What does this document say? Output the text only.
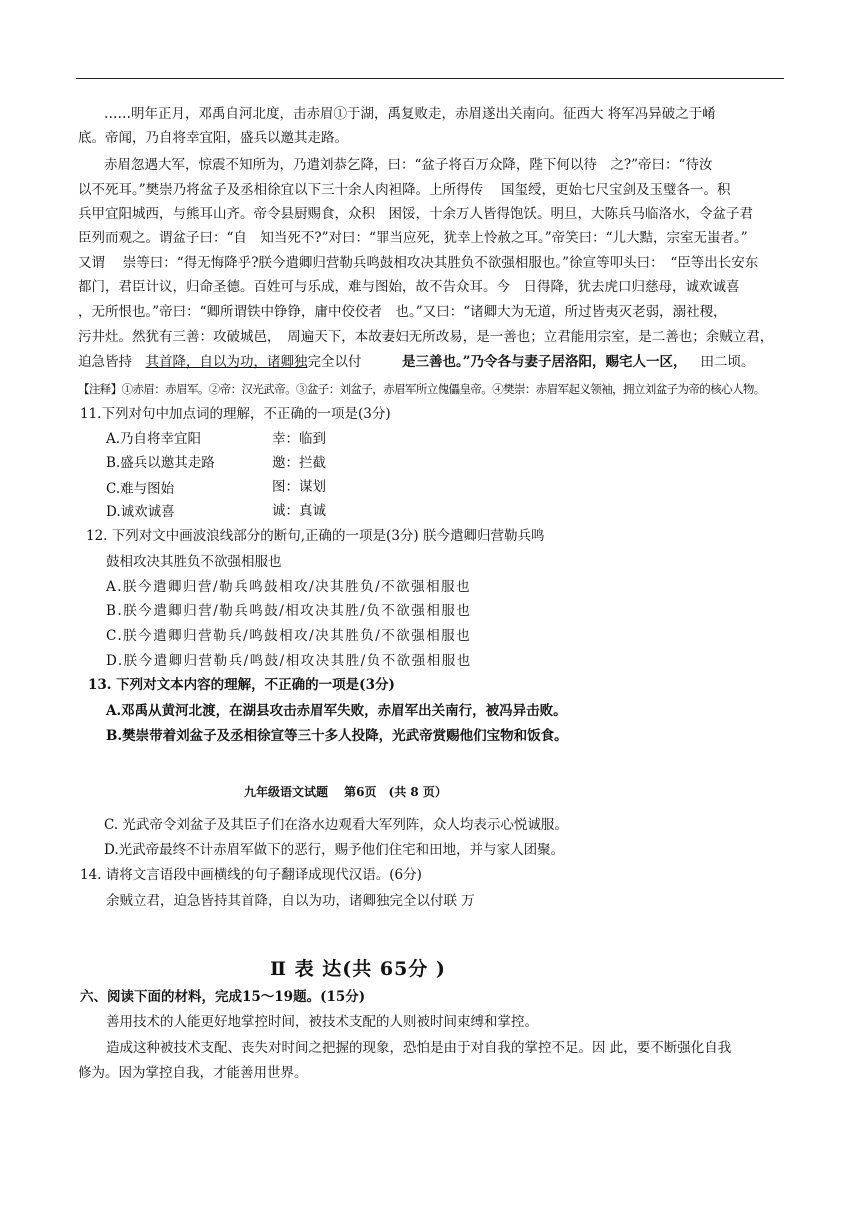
……明年正月，邓禹自河北度，击赤眉①于湖，禹复败走，赤眉遂出关南向。征西大 将军冯异破之于崤
底。帝闻，乃自将幸宜阳，盛兵以邀其走路。
赤眉忽遇大军，惊震不知所为，乃遣刘恭乞降，曰：“盆子将百万众降，陛下何以待　之?”帝曰：“待汝
以不死耳。”樊崇乃将盆子及丞相徐宜以下三十余人肉袒降。上所得传　 国玺绶，更始七尺宝剑及玉璧各一。积
兵甲宜阳城西，与熊耳山齐。帝令县厨赐食，众积　困馁，十余万人皆得饱饫。明旦，大陈兵马临洛水，令盆子君
臣列而观之。谓盆子曰：“自　知当死不?”对曰：“罪当应死，犹幸上怜赦之耳。”帝笑曰：“儿大黠，宗室无蚩者。”
又谓　 崇等曰：“得无悔降乎?朕今遣卿归营勒兵鸣鼓相攻决其胜负不欲强相服也。”徐宣等叩头曰：　“臣等出长安东
都门，君臣计议，归命圣德。百姓可与乐成，难与图始，故不告众耳。今　日得降，犹去虎口归慈母，诚欢诚喜
，无所恨也。”帝曰：“卿所谓铁中铮铮，庸中佼佼者　也。”又曰：“诸卿大为无道，所过皆夷灭老弱，溺社稷，
污井灶。然犹有三善：攻破城邑，　周遍天下，本故妻妇无所改易，是一善也；立君能用宗室，是二善也；余贼立君，
迫急皆持　其首降，自以为功，诸卿独完全以付　　　是三善也。”乃令各与妻子居洛阳，赐宅人一区， 田二顷。
【注释】①赤眉：赤眉军。②帝：汉光武帝。③盆子：刘盆子，赤眉军所立傀儡皇帝。④樊崇：赤眉军起义领袖，拥立刘盆子为帝的核心人物。
11.下列对句中加点词的理解，不正确的一项是(3分)
A.乃自将幸宜阳	幸：临到
B.盛兵以邀其走路	邀：拦截
C.难与图始	图：谋划
D.诚欢诚喜	诚：真诚
12. 下列对文中画波浪线部分的断句,正确的一项是(3分) 朕今遣卿归营勒兵鸣
鼓相攻决其胜负不欲强相服也
A.朕今遣卿归营/勒兵鸣鼓相攻/决其胜负/不欲强相服也
B.朕今遣卿归营/勒兵鸣鼓/相攻决其胜/负不欲强相服也
C.朕今遣卿归营勒兵/鸣鼓相攻/决其胜负/不欲强相服也
D.朕今遣卿归营勒兵/鸣鼓/相攻决其胜/负不欲强相服也
13. 下列对文本内容的理解，不正确的一项是(3分)
A.邓禹从黄河北渡，在湖县攻击赤眉军失败，赤眉军出关南行，被冯异击败。
B.樊崇带着刘盆子及丞相徐宣等三十多人投降，光武帝赏赐他们宝物和饭食。
九年级语文试题　 第6页　(共 8 页）
C. 光武帝令刘盆子及其臣子们在洛水边观看大军列阵，众人均表示心悦诚服。
D.光武帝最终不计赤眉军做下的恶行，赐予他们住宅和田地，并与家人团聚。
14. 请将文言语段中画横线的句子翻译成现代汉语。(6分)
余贼立君，迫急皆持其首降，自以为功，诸卿独完全以付联 万
Ⅱ 表 达(共 65分 )
六、阅读下面的材料，完成15～19题。(15分)
善用技术的人能更好地掌控时间，被技术支配的人则被时间束缚和掌控。
造成这种被技术支配、丧失对时间之把握的现象，恐怕是由于对自我的掌控不足。因 此，要不断强化自我
修为。因为掌控自我，才能善用世界。
